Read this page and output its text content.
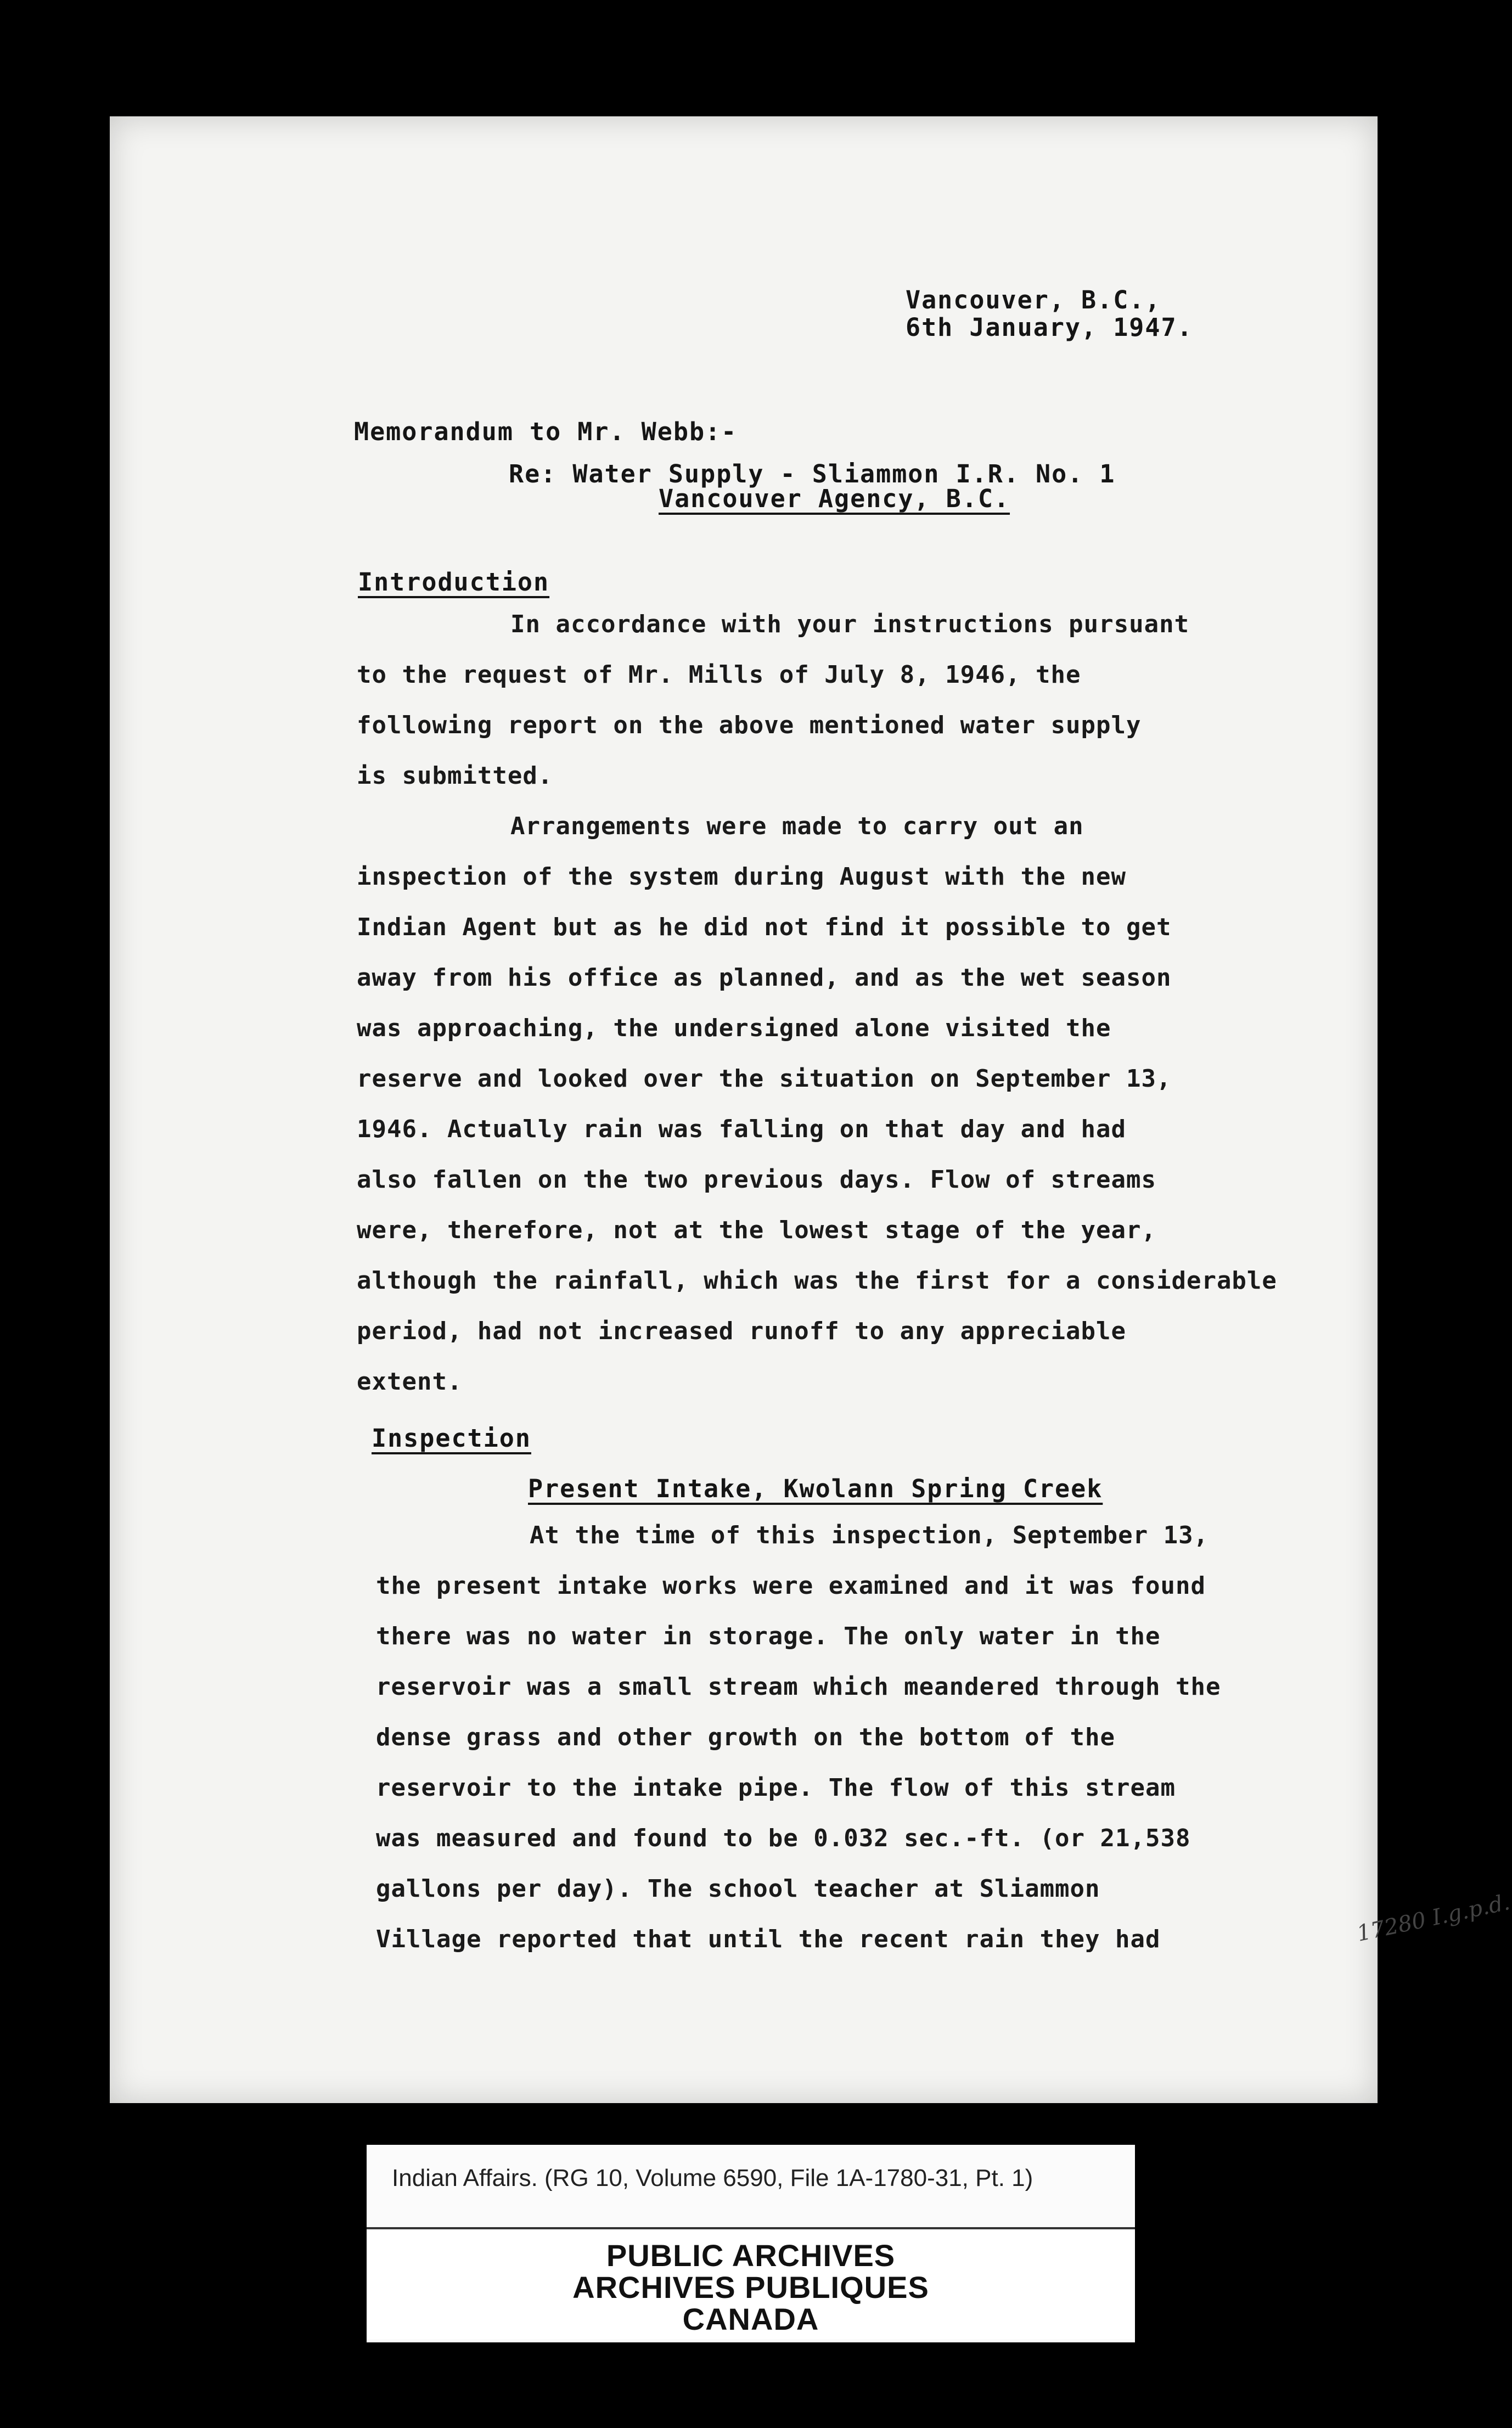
Vancouver, B.C.,
6th January, 1947.
Memorandum to Mr. Webb:-
Re: Water Supply - Sliammon I.R. No. 1
Vancouver Agency, B.C.
Introduction
In accordance with your instructions pursuant
to the request of Mr. Mills of July 8, 1946, the
following report on the above mentioned water supply
is submitted.
Arrangements were made to carry out an
inspection of the system during August with the new
Indian Agent but as he did not find it possible to get
away from his office as planned, and as the wet season
was approaching, the undersigned alone visited the
reserve and looked over the situation on September 13,
1946. Actually rain was falling on that day and had
also fallen on the two previous days. Flow of streams
were, therefore, not at the lowest stage of the year,
although the rainfall, which was the first for a considerable
period, had not increased runoff to any appreciable
extent.
Inspection
Present Intake, Kwolann Spring Creek
At the time of this inspection, September 13,
the present intake works were examined and it was found
there was no water in storage. The only water in the
reservoir was a small stream which meandered through the
dense grass and other growth on the bottom of the
reservoir to the intake pipe. The flow of this stream
was measured and found to be 0.032 sec.-ft. (or 21,538
gallons per day). The school teacher at Sliammon
Village reported that until the recent rain they had	17280 I.g.p.d.
Indian Affairs. (RG 10, Volume 6590, File 1A-1780-31, Pt. 1)
PUBLIC ARCHIVES
ARCHIVES PUBLIQUES
CANADA
